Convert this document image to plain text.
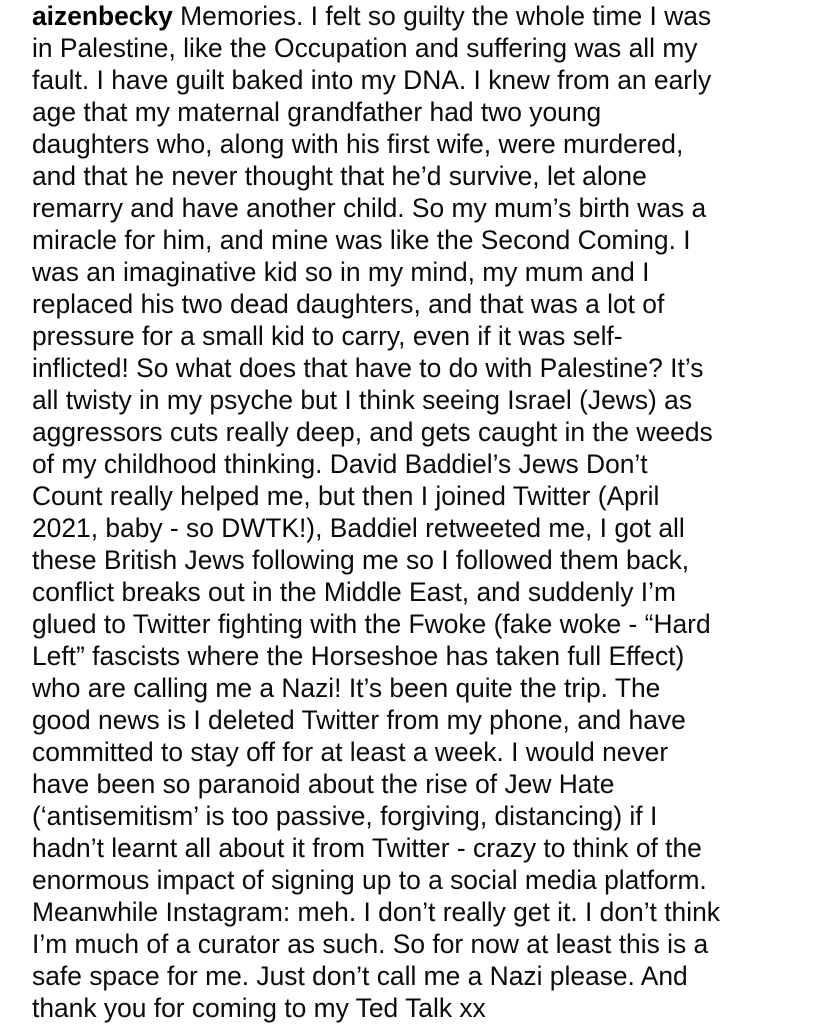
aizenbecky Memories. I felt so guilty the whole time I was
in Palestine, like the Occupation and suffering was all my
fault. I have guilt baked into my DNA. I knew from an early
age that my maternal grandfather had two young
daughters who, along with his first wife, were murdered,
and that he never thought that he’d survive, let alone
remarry and have another child. So my mum’s birth was a
miracle for him, and mine was like the Second Coming. I
was an imaginative kid so in my mind, my mum and I
replaced his two dead daughters, and that was a lot of
pressure for a small kid to carry, even if it was self-
inflicted! So what does that have to do with Palestine? It’s
all twisty in my psyche but I think seeing Israel (Jews) as
aggressors cuts really deep, and gets caught in the weeds
of my childhood thinking. David Baddiel’s Jews Don’t
Count really helped me, but then I joined Twitter (April
2021, baby - so DWTK!), Baddiel retweeted me, I got all
these British Jews following me so I followed them back,
conflict breaks out in the Middle East, and suddenly I’m
glued to Twitter fighting with the Fwoke (fake woke - “Hard
Left” fascists where the Horseshoe has taken full Effect)
who are calling me a Nazi! It’s been quite the trip. The
good news is I deleted Twitter from my phone, and have
committed to stay off for at least a week. I would never
have been so paranoid about the rise of Jew Hate
(‘antisemitism’ is too passive, forgiving, distancing) if I
hadn’t learnt all about it from Twitter - crazy to think of the
enormous impact of signing up to a social media platform.
Meanwhile Instagram: meh. I don’t really get it. I don’t think
I’m much of a curator as such. So for now at least this is a
safe space for me. Just don’t call me a Nazi please. And
thank you for coming to my Ted Talk xx
